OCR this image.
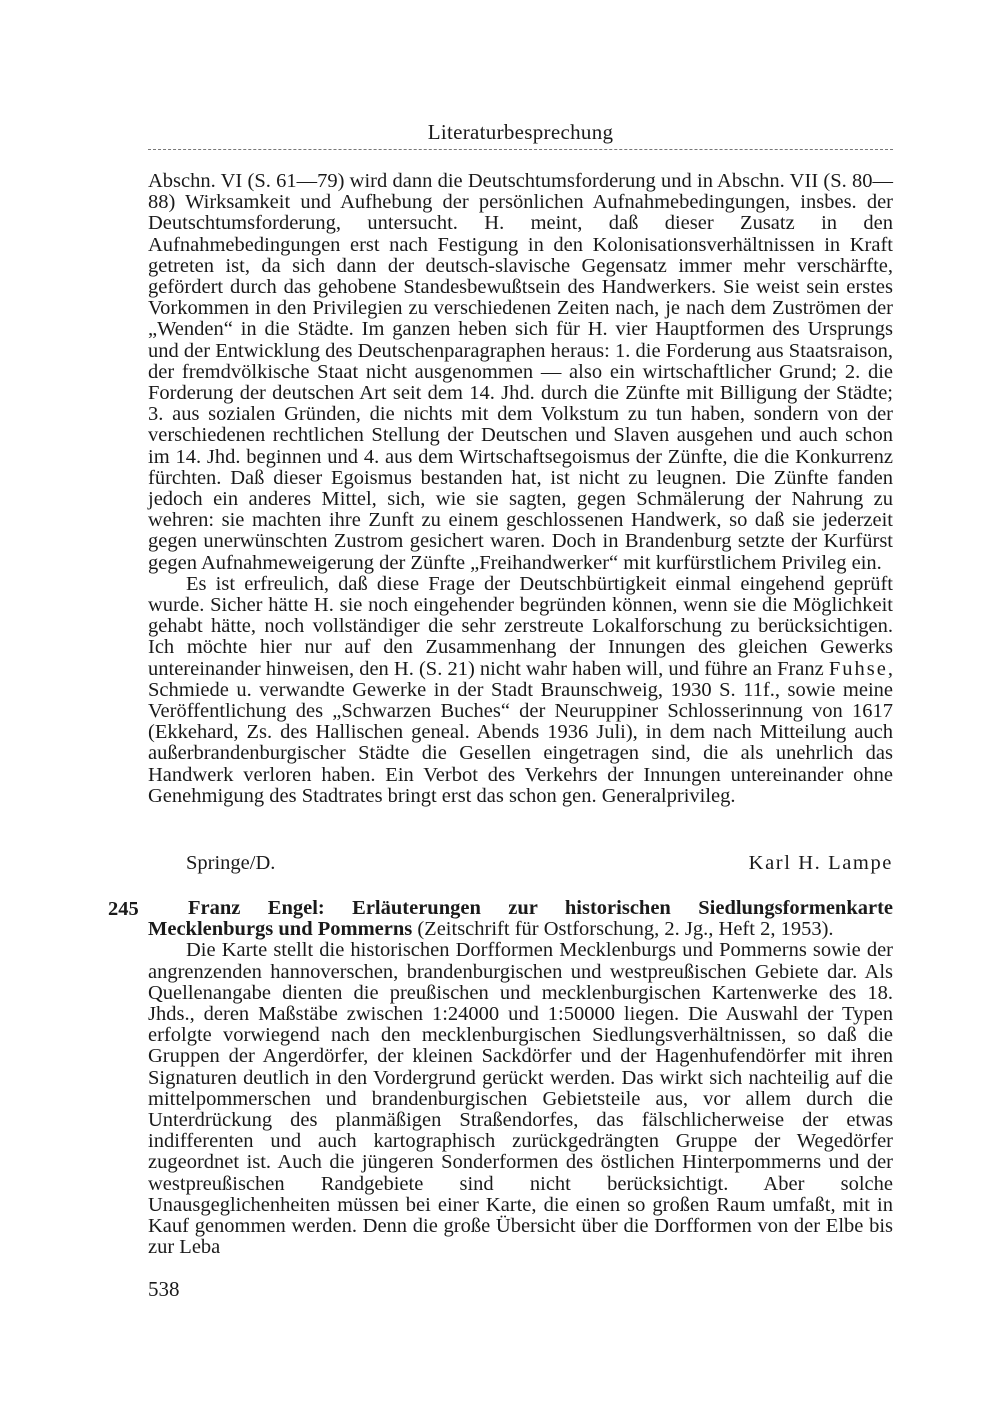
Literaturbesprechung

Abschn. VI (S. 61—79) wird dann die Deutschtumsforderung und in Abschn. VII (S. 80—88) Wirksamkeit und Aufhebung der persönlichen Aufnahmebedingungen, insbes. der Deutschtumsforderung, untersucht. H. meint, daß dieser Zusatz in den Aufnahmebedingungen erst nach Festigung in den Kolonisationsverhältnissen in Kraft getreten ist, da sich dann der deutsch-slavische Gegensatz immer mehr verschärfte, gefördert durch das gehobene Standesbewußtsein des Handwerkers. Sie weist sein erstes Vorkommen in den Privilegien zu verschiedenen Zeiten nach, je nach dem Zuströmen der „Wenden“ in die Städte. Im ganzen heben sich für H. vier Hauptformen des Ursprungs und der Entwicklung des Deutschenparagraphen heraus: 1. die Forderung aus Staatsraison, der fremdvölkische Staat nicht ausgenommen — also ein wirtschaftlicher Grund; 2. die Forderung der deutschen Art seit dem 14. Jhd. durch die Zünfte mit Billigung der Städte; 3. aus sozialen Gründen, die nichts mit dem Volkstum zu tun haben, sondern von der verschiedenen rechtlichen Stellung der Deutschen und Slaven ausgehen und auch schon im 14. Jhd. beginnen und 4. aus dem Wirtschaftsegoismus der Zünfte, die die Konkurrenz fürchten. Daß dieser Egoismus bestanden hat, ist nicht zu leugnen. Die Zünfte fanden jedoch ein anderes Mittel, sich, wie sie sagten, gegen Schmälerung der Nahrung zu wehren: sie machten ihre Zunft zu einem geschlossenen Handwerk, so daß sie jederzeit gegen unerwünschten Zustrom gesichert waren. Doch in Brandenburg setzte der Kurfürst gegen Aufnahmeweigerung der Zünfte „Freihandwerker“ mit kurfürstlichem Privileg ein.

Es ist erfreulich, daß diese Frage der Deutschbürtigkeit einmal eingehend geprüft wurde. Sicher hätte H. sie noch eingehender begründen können, wenn sie die Möglichkeit gehabt hätte, noch vollständiger die sehr zerstreute Lokalforschung zu berücksichtigen. Ich möchte hier nur auf den Zusammenhang der Innungen des gleichen Gewerks untereinander hinweisen, den H. (S. 21) nicht wahr haben will, und führe an Franz Fuhse, Schmiede u. verwandte Gewerke in der Stadt Braunschweig, 1930 S. 11f., sowie meine Veröffentlichung des „Schwarzen Buches“ der Neuruppiner Schlosserinnung von 1617 (Ekkehard, Zs. des Hallischen geneal. Abends 1936 Juli), in dem nach Mitteilung auch außerbrandenburgischer Städte die Gesellen eingetragen sind, die als unehrlich das Handwerk verloren haben. Ein Verbot des Verkehrs der Innungen untereinander ohne Genehmigung des Stadtrates bringt erst das schon gen. Generalprivileg.

Springe/D.	Karl H. Lampe
245	Franz Engel: Erläuterungen zur historischen Siedlungsformenkarte Mecklenburgs und Pommerns (Zeitschrift für Ostforschung, 2. Jg., Heft 2, 1953).

Die Karte stellt die historischen Dorfformen Mecklenburgs und Pommerns sowie der angrenzenden hannoverschen, brandenburgischen und westpreußischen Gebiete dar. Als Quellenangabe dienten die preußischen und mecklenburgischen Kartenwerke des 18. Jhds., deren Maßstäbe zwischen 1:24000 und 1:50000 liegen. Die Auswahl der Typen erfolgte vorwiegend nach den mecklenburgischen Siedlungsverhältnissen, so daß die Gruppen der Angerdörfer, der kleinen Sackdörfer und der Hagenhufendörfer mit ihren Signaturen deutlich in den Vordergrund gerückt werden. Das wirkt sich nachteilig auf die mittelpommerschen und brandenburgischen Gebietsteile aus, vor allem durch die Unterdrückung des planmäßigen Straßendorfes, das fälschlicherweise der etwas indifferenten und auch kartographisch zurückgedrängten Gruppe der Wegedörfer zugeordnet ist. Auch die jüngeren Sonderformen des östlichen Hinterpommerns und der westpreußischen Randgebiete sind nicht berücksichtigt. Aber solche Unausgeglichenheiten müssen bei einer Karte, die einen so großen Raum umfaßt, mit in Kauf genommen werden. Denn die große Übersicht über die Dorfformen von der Elbe bis zur Leba

538
